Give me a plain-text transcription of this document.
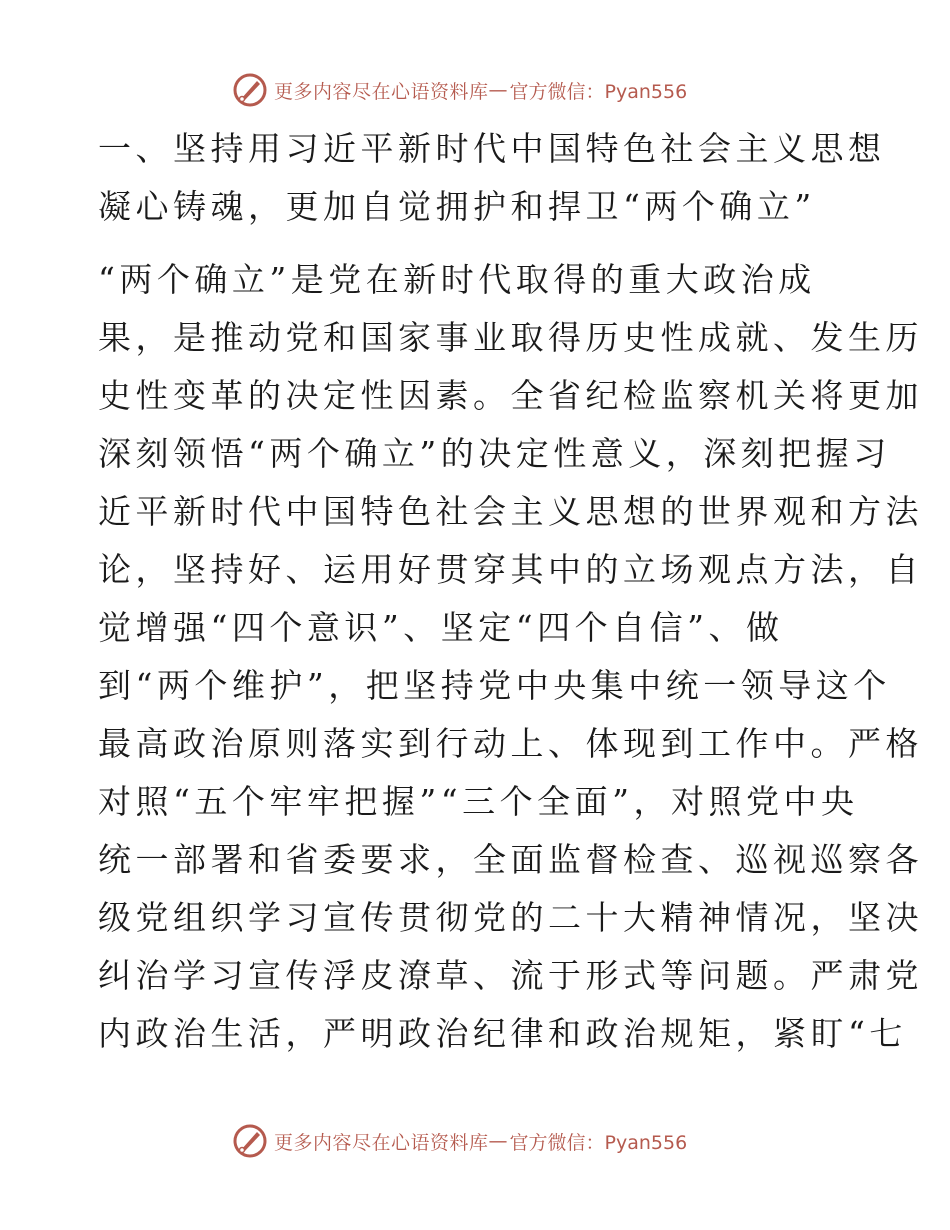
更多内容尽在心语资料库 — 官方微信：Pyan556
一、坚持用习近平新时代中国特色社会主义思想
凝心铸魂，更加自觉拥护和捍卫“两个确立”
“两个确立”是党在新时代取得的重大政治成
果，是推动党和国家事业取得历史性成就、发生历
史性变革的决定性因素。全省纪检监察机关将更加
深刻领悟“两个确立”的决定性意义，深刻把握习
近平新时代中国特色社会主义思想的世界观和方法
论，坚持好、运用好贯穿其中的立场观点方法，自
觉增强“四个意识”、坚定“四个自信”、做
到“两个维护”，把坚持党中央集中统一领导这个
最高政治原则落实到行动上、体现到工作中。严格
对照“五个牢牢把握”“三个全面”，对照党中央
统一部署和省委要求，全面监督检查、巡视巡察各
级党组织学习宣传贯彻党的二十大精神情况，坚决
纠治学习宣传浮皮潦草、流于形式等问题。严肃党
内政治生活，严明政治纪律和政治规矩，紧盯“七
更多内容尽在心语资料库 — 官方微信：Pyan556
